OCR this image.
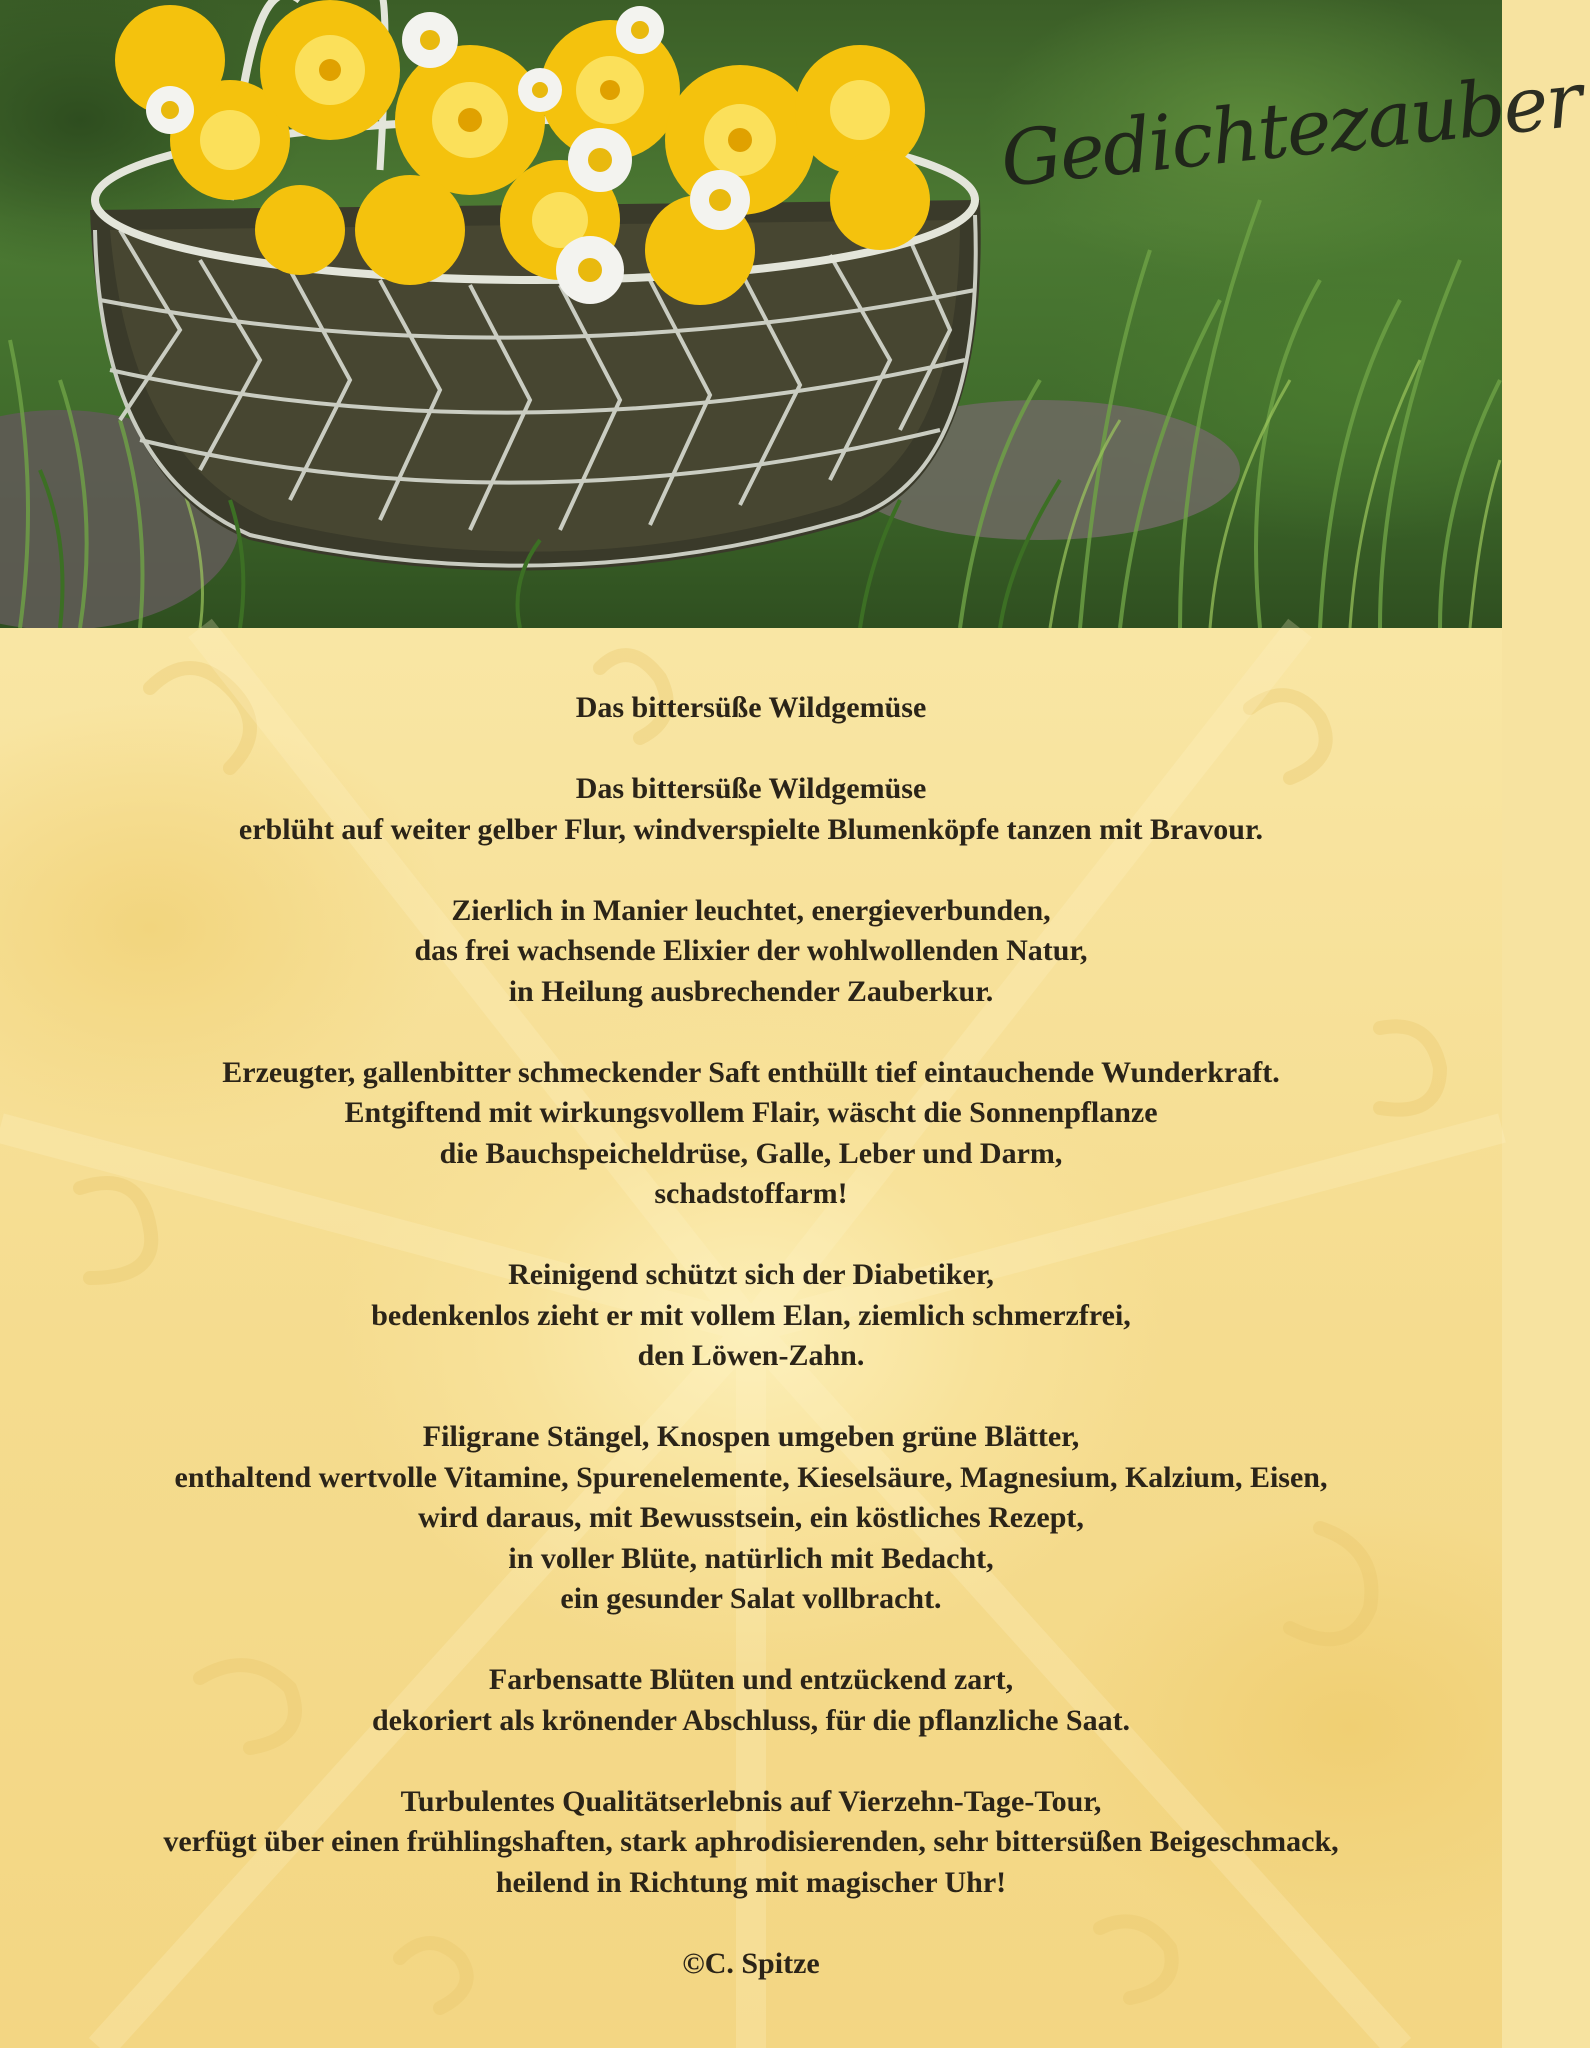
Gedichtezauber
Das bittersüße Wildgemüse
Das bittersüße Wildgemüse
erblüht auf weiter gelber Flur, windverspielte Blumenköpfe tanzen mit Bravour.
Zierlich in Manier leuchtet, energieverbunden,
das frei wachsende Elixier der wohlwollenden Natur,
in Heilung ausbrechender Zauberkur.
Erzeugter, gallenbitter schmeckender Saft enthüllt tief eintauchende Wunderkraft.
Entgiftend mit wirkungsvollem Flair, wäscht die Sonnenpflanze
die Bauchspeicheldrüse, Galle, Leber und Darm,
schadstoffarm!
Reinigend schützt sich der Diabetiker,
bedenkenlos zieht er mit vollem Elan, ziemlich schmerzfrei,
den Löwen-Zahn.
Filigrane Stängel, Knospen umgeben grüne Blätter,
enthaltend wertvolle Vitamine, Spurenelemente, Kieselsäure, Magnesium, Kalzium, Eisen,
wird daraus, mit Bewusstsein, ein köstliches Rezept,
in voller Blüte, natürlich mit Bedacht,
ein gesunder Salat vollbracht.
Farbensatte Blüten und entzückend zart,
dekoriert als krönender Abschluss, für die pflanzliche Saat.
Turbulentes Qualitätserlebnis auf Vierzehn-Tage-Tour,
verfügt über einen frühlingshaften, stark aphrodisierenden, sehr bittersüßen Beigeschmack,
heilend in Richtung mit magischer Uhr!
©C. Spitze
